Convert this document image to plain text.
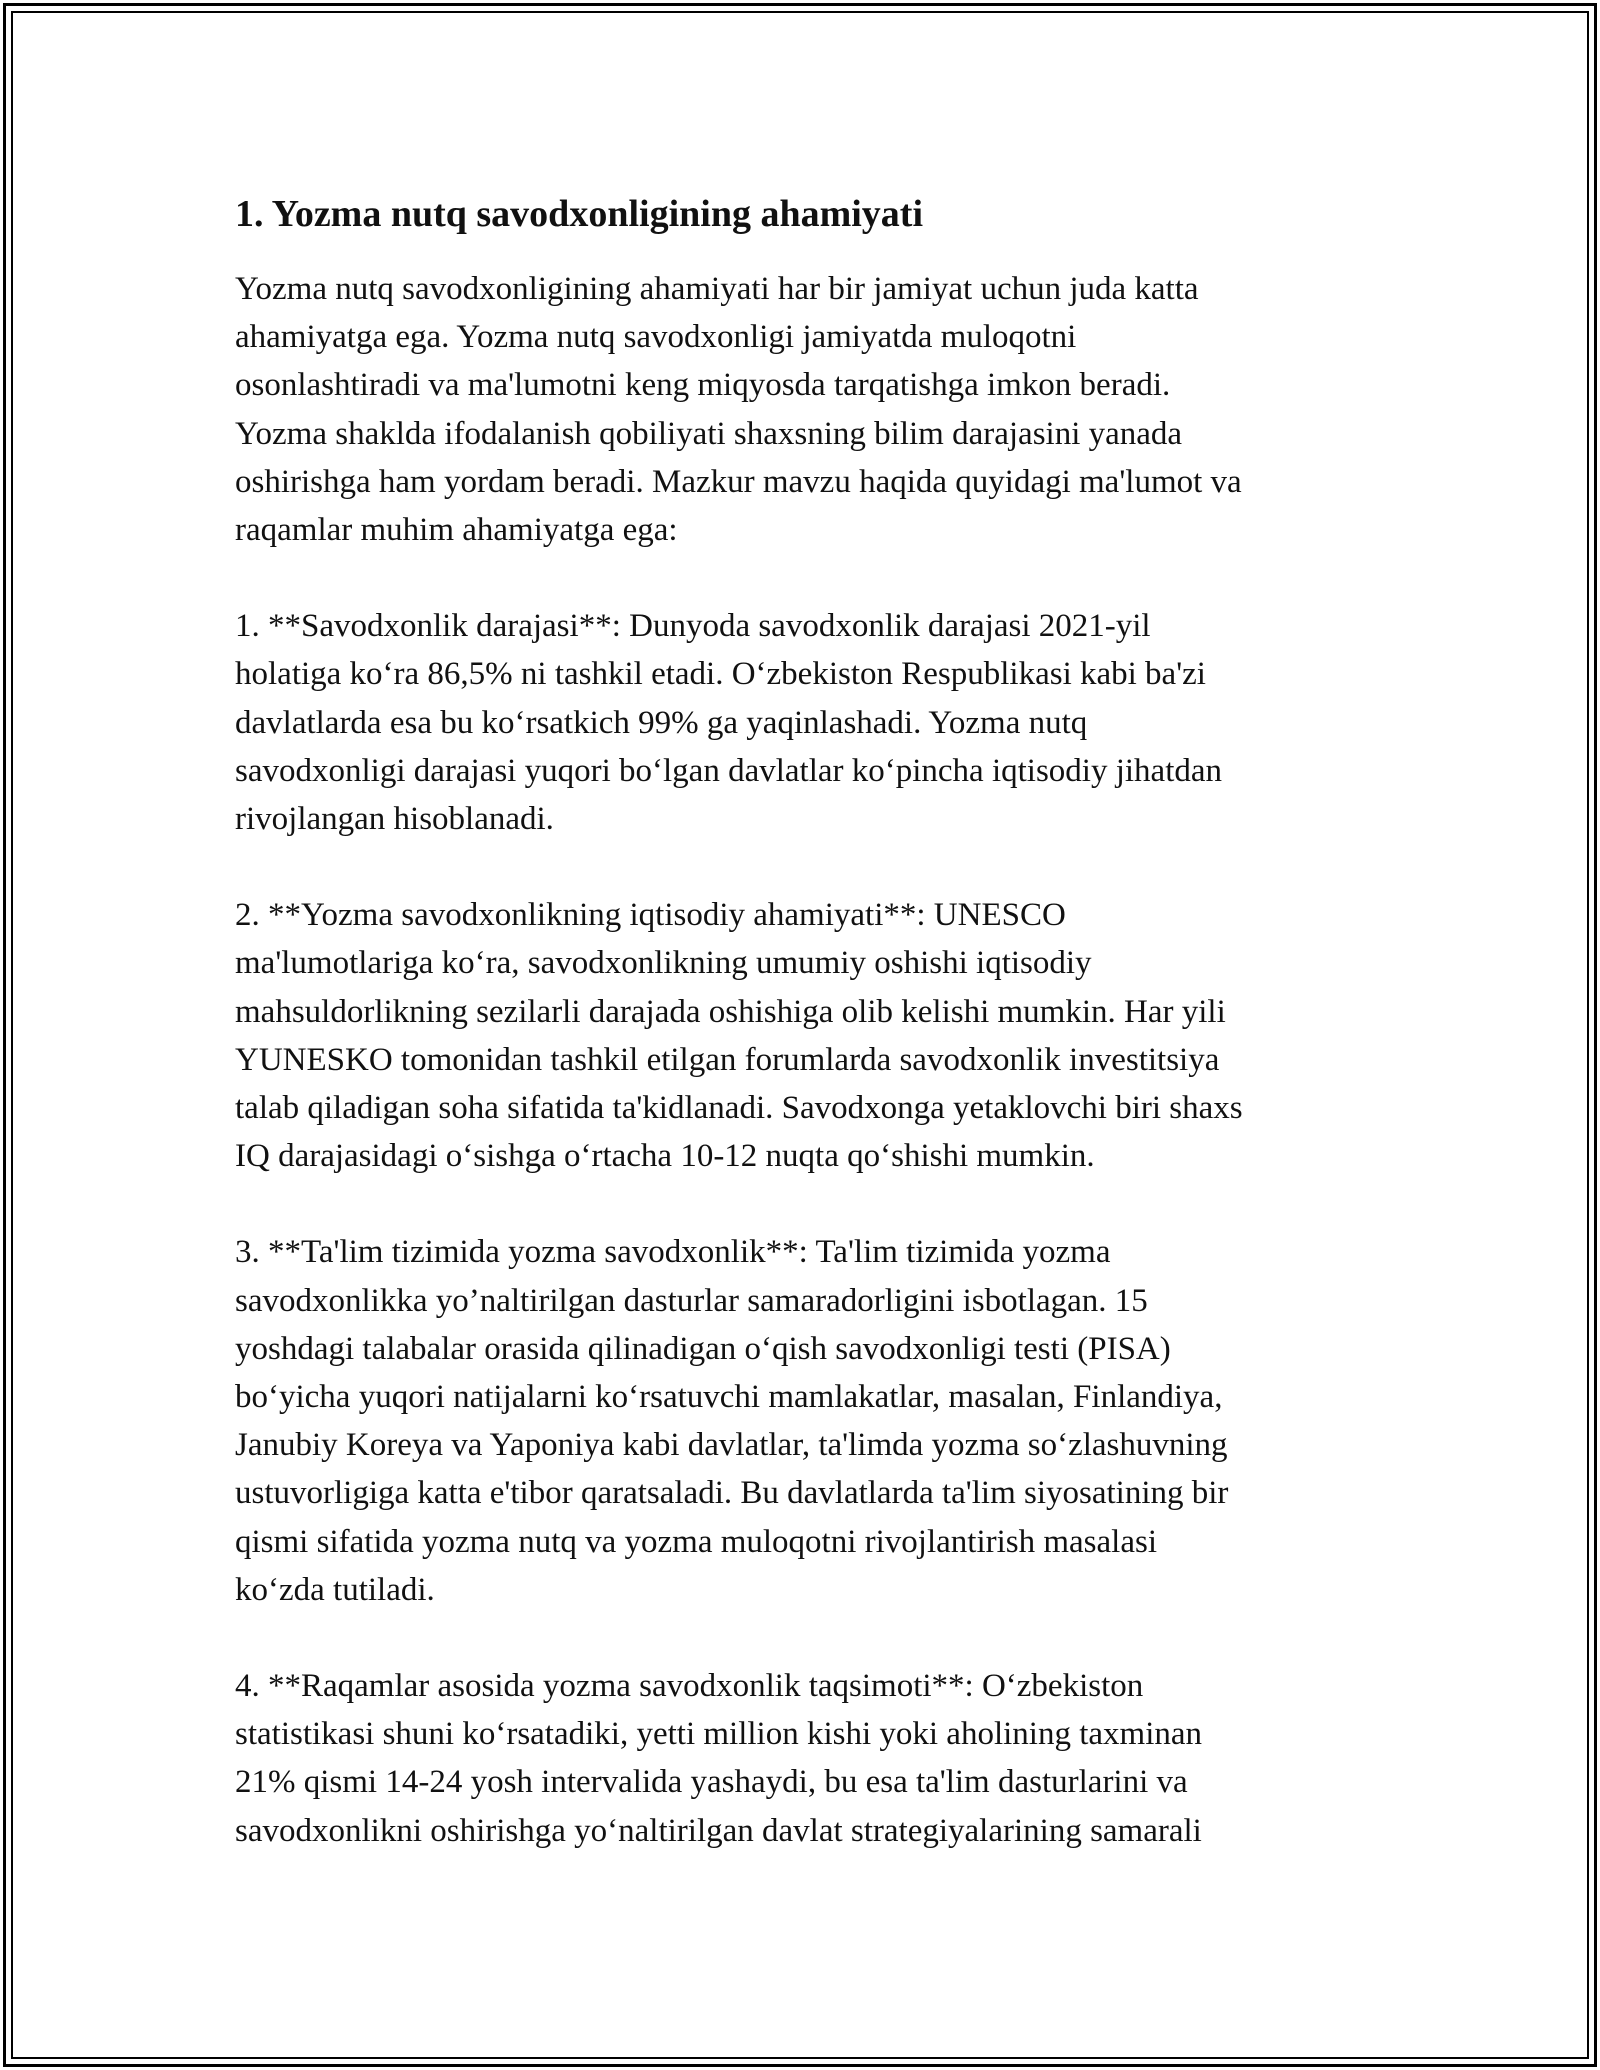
1. Yozma nutq savodxonligining ahamiyati
Yozma nutq savodxonligining ahamiyati har bir jamiyat uchun juda katta
ahamiyatga ega. Yozma nutq savodxonligi jamiyatda muloqotni
osonlashtiradi va ma'lumotni keng miqyosda tarqatishga imkon beradi.
Yozma shaklda ifodalanish qobiliyati shaxsning bilim darajasini yanada
oshirishga ham yordam beradi. Mazkur mavzu haqida quyidagi ma'lumot va
raqamlar muhim ahamiyatga ega:
1. **Savodxonlik darajasi**: Dunyoda savodxonlik darajasi 2021-yil
holatiga koʻra 86,5% ni tashkil etadi. Oʻzbekiston Respublikasi kabi ba'zi
davlatlarda esa bu koʻrsatkich 99% ga yaqinlashadi. Yozma nutq
savodxonligi darajasi yuqori boʻlgan davlatlar koʻpincha iqtisodiy jihatdan
rivojlangan hisoblanadi.
2. **Yozma savodxonlikning iqtisodiy ahamiyati**: UNESCO
ma'lumotlariga koʻra, savodxonlikning umumiy oshishi iqtisodiy
mahsuldorlikning sezilarli darajada oshishiga olib kelishi mumkin. Har yili
YUNESKO tomonidan tashkil etilgan forumlarda savodxonlik investitsiya
talab qiladigan soha sifatida ta'kidlanadi. Savodxonga yetaklovchi biri shaxs
IQ darajasidagi oʻsishga oʻrtacha 10-12 nuqta qoʻshishi mumkin.
3. **Ta'lim tizimida yozma savodxonlik**: Ta'lim tizimida yozma
savodxonlikka yo’naltirilgan dasturlar samaradorligini isbotlagan. 15
yoshdagi talabalar orasida qilinadigan oʻqish savodxonligi testi (PISA)
boʻyicha yuqori natijalarni koʻrsatuvchi mamlakatlar, masalan, Finlandiya,
Janubiy Koreya va Yaponiya kabi davlatlar, ta'limda yozma soʻzlashuvning
ustuvorligiga katta e'tibor qaratsaladi. Bu davlatlarda ta'lim siyosatining bir
qismi sifatida yozma nutq va yozma muloqotni rivojlantirish masalasi
koʻzda tutiladi.
4. **Raqamlar asosida yozma savodxonlik taqsimoti**: Oʻzbekiston
statistikasi shuni koʻrsatadiki, yetti million kishi yoki aholining taxminan
21% qismi 14-24 yosh intervalida yashaydi, bu esa ta'lim dasturlarini va
savodxonlikni oshirishga yoʻnaltirilgan davlat strategiyalarining samarali
